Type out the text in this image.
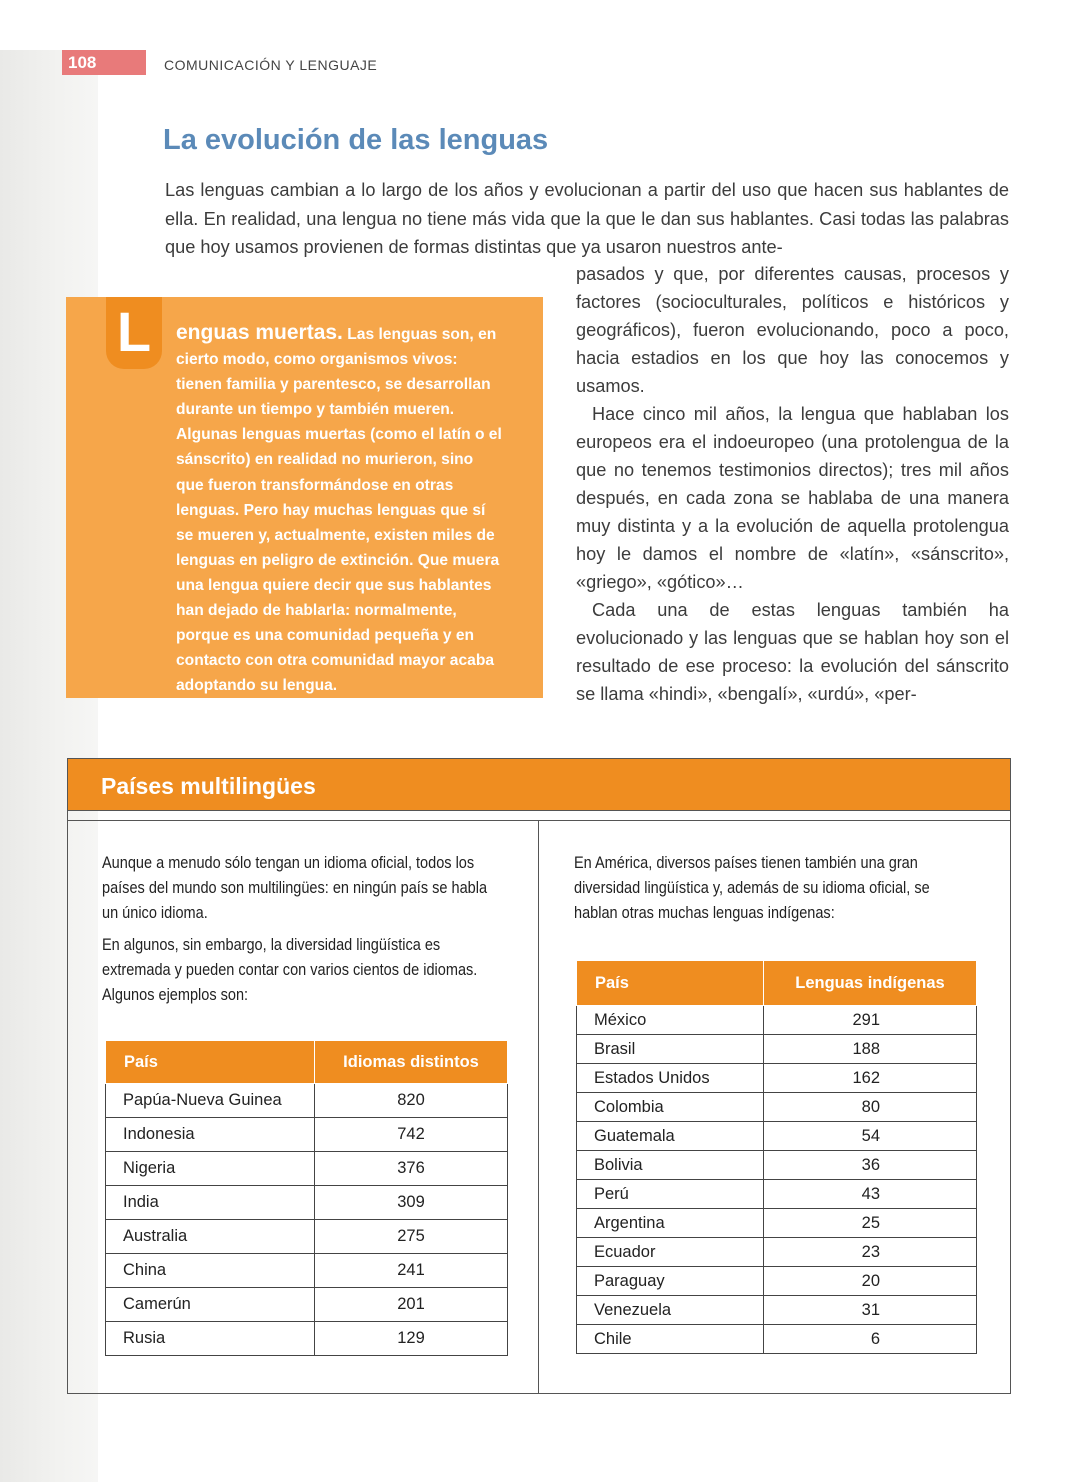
108	COMUNICACIÓN Y LENGUAJE
La evolución de las lenguas

Las lenguas cambian a lo largo de los años y evolucionan a partir del uso que hacen sus hablantes de ella. En realidad, una lengua no tiene más vida que la que le dan sus hablantes. Casi todas las palabras que hoy usamos provienen de formas distintas que ya usaron nuestros ante-

pasados y que, por diferentes causas, procesos y factores (socioculturales, políticos e históricos y geográficos), fueron evolucionando, poco a poco, hacia estadios en los que hoy las conocemos y usamos.

Hace cinco mil años, la lengua que hablaban los europeos era el indoeuropeo (una protolengua de la que no tenemos testimonios directos); tres mil años después, en cada zona se hablaba de una manera muy distinta y a la evolución de aquella protolengua hoy le damos el nombre de «latín», «sánscrito», «griego», «gótico»…

Cada una de estas lenguas también ha evolucionado y las lenguas que se hablan hoy son el resultado de ese proceso: la evolución del sánscrito se llama «hindi», «bengalí», «urdú», «per-

L	enguas muertas. Las lenguas son, en cierto modo, como organismos vivos: tienen familia y parentesco, se desarrollan durante un tiempo y también mueren. Algunas lenguas muertas (como el latín o el sánscrito) en realidad no murieron, sino que fueron transformándose en otras lenguas. Pero hay muchas lenguas que sí se mueren y, actualmente, existen miles de lenguas en peligro de extinción. Que muera una lengua quiere decir que sus hablantes han dejado de hablarla: normalmente, porque es una comunidad pequeña y en contacto con otra comunidad mayor acaba adoptando su lengua.
Países multilingües

Aunque a menudo sólo tengan un idioma oficial, todos los países del mundo son multilingües: en ningún país se habla un único idioma.

En algunos, sin embargo, la diversidad lingüística es extremada y pueden contar con varios cientos de idiomas. Algunos ejemplos son:

En América, diversos países tienen también una gran diversidad lingüística y, además de su idioma oficial, se hablan otras muchas lenguas indígenas:

País	Idiomas distintos
Papúa-Nueva Guinea	820
Indonesia	742
Nigeria	376
India	309
Australia	275
China	241
Camerún	201
Rusia	129
País	Lenguas indígenas
México	291
Brasil	188
Estados Unidos	162
Colombia	80
Guatemala	54
Bolivia	36
Perú	43
Argentina	25
Ecuador	23
Paraguay	20
Venezuela	31
Chile	6
